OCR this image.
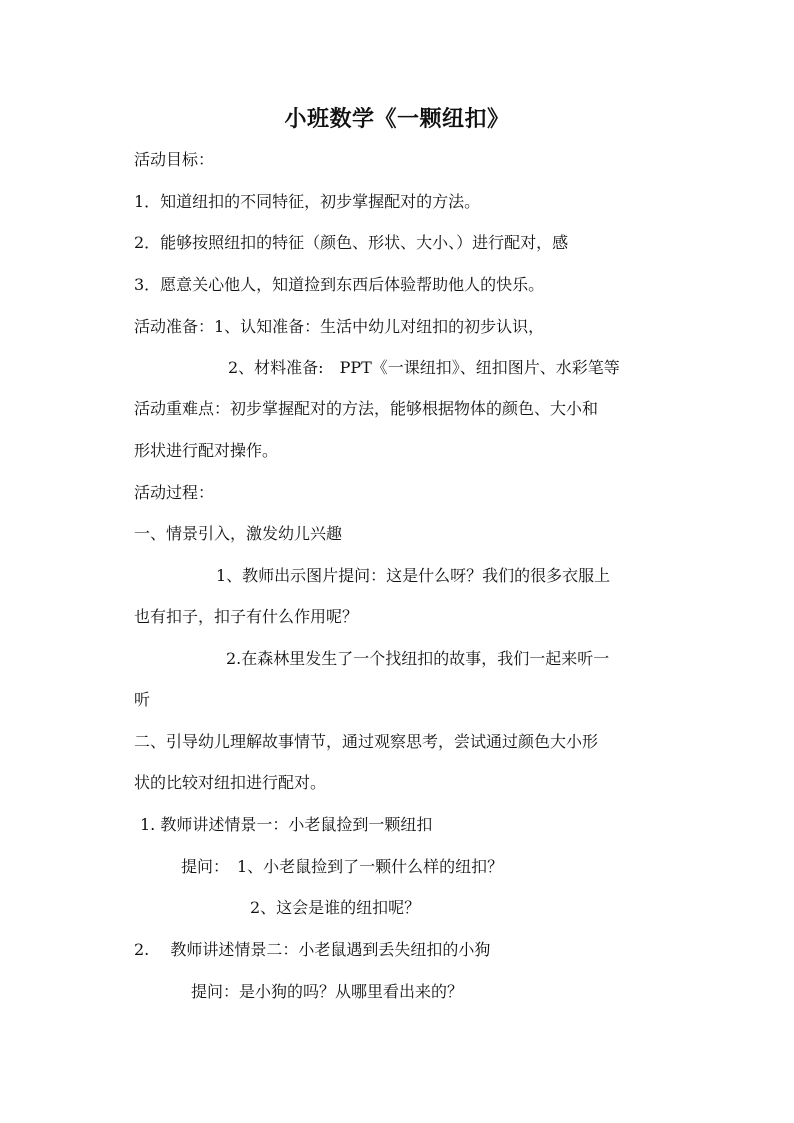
小班数学《一颗纽扣》
活动目标：
1．知道纽扣的不同特征，初步掌握配对的方法。
2．能够按照纽扣的特征（颜色、形状、大小、）进行配对，感
3．愿意关心他人，知道捡到东西后体验帮助他人的快乐。
活动准备：1、认知准备：生活中幼儿对纽扣的初步认识，
2、材料准备:　PPT《一课纽扣》、纽扣图片、水彩笔等
活动重难点：初步掌握配对的方法，能够根据物体的颜色、大小和
形状进行配对操作。
活动过程：
一、情景引入，激发幼儿兴趣
1、教师出示图片提问：这是什么呀？我们的很多衣服上
也有扣子，扣子有什么作用呢？
2.在森林里发生了一个找纽扣的故事，我们一起来听一
听
二、引导幼儿理解故事情节，通过观察思考，尝试通过颜色大小形
状的比较对纽扣进行配对。
1. 教师讲述情景一：小老鼠捡到一颗纽扣
提问：　1、小老鼠捡到了一颗什么样的纽扣？
2、这会是谁的纽扣呢？
2.　 教师讲述情景二：小老鼠遇到丢失纽扣的小狗
提问：是小狗的吗？从哪里看出来的？
